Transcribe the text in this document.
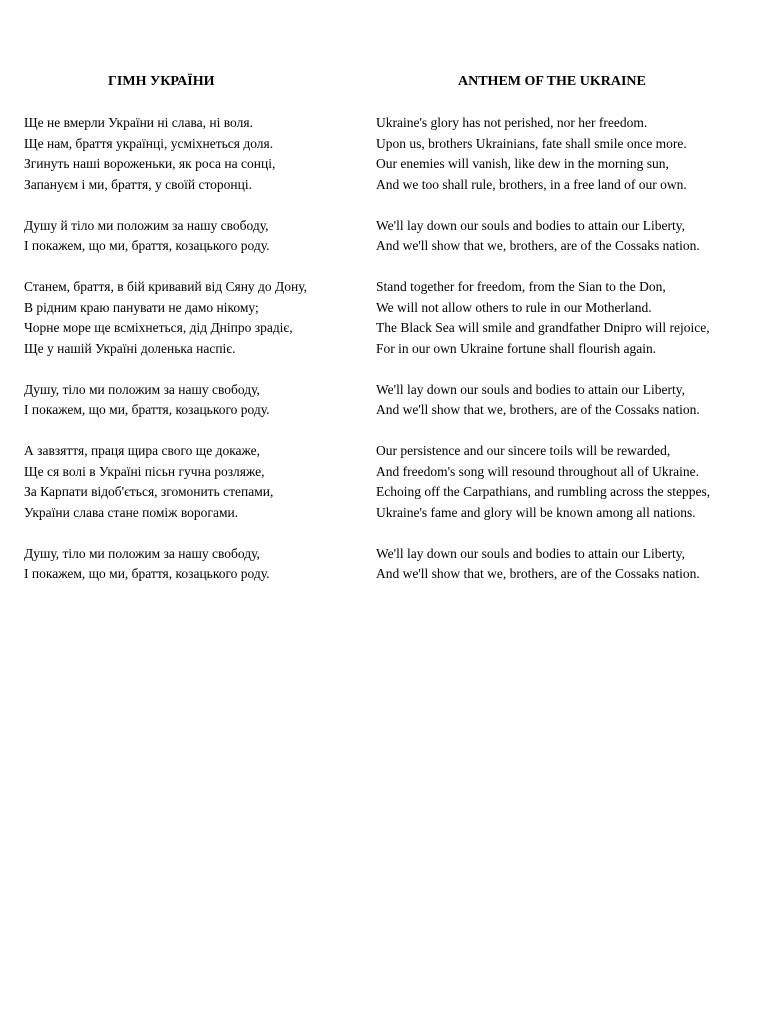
ГІМН УКРАЇНИ
Ще не вмерли України ні слава, ні воля.
Ще нам, браття українці, усміхнеться доля.
Згинуть наші вороженьки, як роса на сонці,
Запануєм і ми, браття, у своїй сторонці.
Душу й тіло ми положим за нашу свободу,
І покажем, що ми, браття, козацького роду.
Станем, браття, в бій кривавий від Сяну до Дону,
В рідним краю панувати не дамо нікому;
Чорне море ще всміхнеться, дід Дніпро зрадіє,
Ще у нашій Україні доленька наспіє.
Душу, тіло ми положим за нашу свободу,
І покажем, що ми, браття, козацького роду.
А завзяття, праця щира свого ще докаже,
Ще ся волі в Україні пісьн гучна розляже,
За Карпати відоб'ється, згомонить степами,
України слава стане поміж ворогами.
Душу, тіло ми положим за нашу свободу,
І покажем, що ми, браття, козацького роду.
ANTHEM OF THE UKRAINE
Ukraine's glory has not perished, nor her freedom.
Upon us, brothers Ukrainians, fate shall smile once more.
Our enemies will vanish, like dew in the morning sun,
And we too shall rule, brothers, in a free land of our own.
We'll lay down our souls and bodies to attain our Liberty,
And we'll show that we, brothers, are of the Cossaks nation.
Stand together for freedom, from the Sian to the Don,
We will not allow others to rule in our Motherland.
The Black Sea will smile and grandfather Dnipro will rejoice,
For in our own Ukraine fortune shall flourish again.
We'll lay down our souls and bodies to attain our Liberty,
And we'll show that we, brothers, are of the Cossaks nation.
Our persistence and our sincere toils will be rewarded,
And freedom's song will resound throughout all of Ukraine.
Echoing off the Carpathians, and rumbling across the steppes,
Ukraine's fame and glory will be known among all nations.
We'll lay down our souls and bodies to attain our Liberty,
And we'll show that we, brothers, are of the Cossaks nation.
